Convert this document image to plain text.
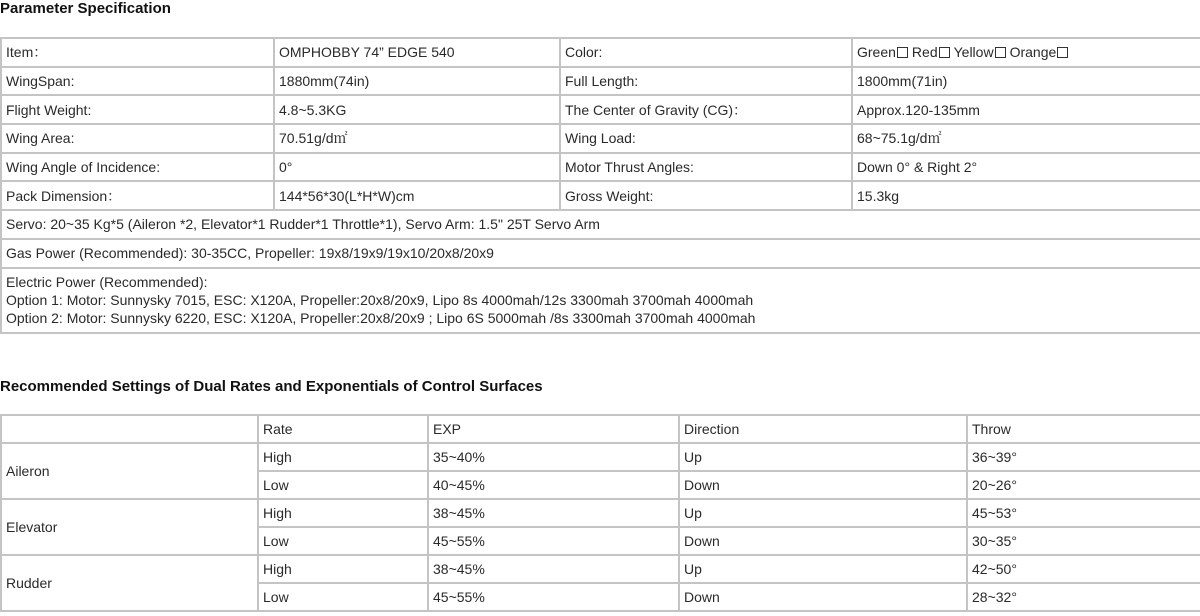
Parameter Specification
Item：	OMPHOBBY 74” EDGE 540	Color:	Green Red Yellow Orange
WingSpan:	1880mm(74in)	Full Length:	1800mm(71in)
Flight Weight:	4.8~5.3KG	The Center of Gravity (CG)：	Approx.120-135mm
Wing Area:	70.51g/d㎡	Wing Load:	68~75.1g/d㎡
Wing Angle of Incidence:	0°	Motor Thrust Angles:	Down 0° & Right 2°
Pack Dimension：	144*56*30(L*H*W)cm	Gross Weight:	15.3kg
Servo: 20~35 Kg*5 (Aileron *2, Elevator*1 Rudder*1 Throttle*1), Servo Arm: 1.5" 25T Servo Arm			
Gas Power (Recommended): 30-35CC, Propeller: 19x8/19x9/19x10/20x8/20x9			

Electric Power (Recommended):
Option 1: Motor: Sunnysky 7015, ESC: X120A, Propeller:20x8/20x9, Lipo 8s 4000mah/12s 3300mah 3700mah 4000mah
Option 2: Motor: Sunnysky 6220, ESC: X120A, Propeller:20x8/20x9 ; Lipo 6S 5000mah /8s 3300mah 3700mah 4000mah			
Recommended Settings of Dual Rates and Exponentials of Control Surfaces
	Rate	EXP	Direction	Throw
Aileron	High	35~40%	Up	36~39°
	Low	40~45%	Down	20~26°
Elevator	High	38~45%	Up	45~53°
	Low	45~55%	Down	30~35°
Rudder	High	38~45%	Up	42~50°
	Low	45~55%	Down	28~32°
